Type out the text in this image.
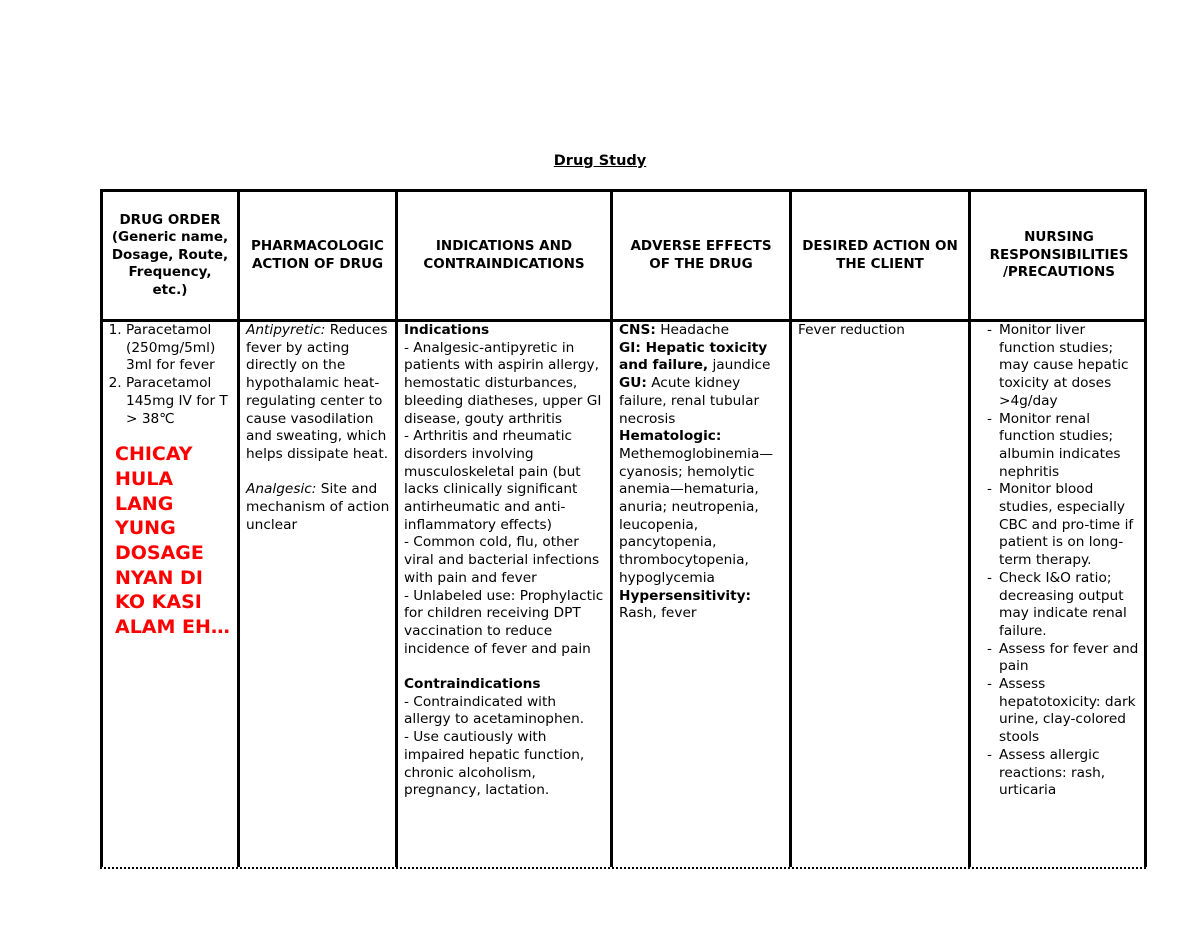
Drug Study
DRUG ORDER (Generic name, Dosage, Route, Frequency, etc.)
PHARMACOLOGIC ACTION OF DRUG
INDICATIONS AND CONTRAINDICATIONS
ADVERSE EFFECTS OF THE DRUG
DESIRED ACTION ON THE CLIENT
NURSING RESPONSIBILITIES /PRECAUTIONS
1. Paracetamol (250mg/5ml) 3ml for fever
2. Paracetamol 145mg IV for T > 38℃
CHICAY HULA LANG YUNG DOSAGE NYAN DI KO KASI ALAM EH…

Antipyretic: Reduces fever by acting directly on the hypothalamic heat-regulating center to cause vasodilation and sweating, which helps dissipate heat.

Analgesic: Site and mechanism of action unclear

Indications

- Analgesic-antipyretic in patients with aspirin allergy, hemostatic disturbances, bleeding diatheses, upper GI disease, gouty arthritis

- Arthritis and rheumatic disorders involving musculoskeletal pain (but lacks clinically significant antirheumatic and anti-inflammatory effects)

- Common cold, flu, other viral and bacterial infections with pain and fever

- Unlabeled use: Prophylactic for children receiving DPT vaccination to reduce incidence of fever and pain

Contraindications

- Contraindicated with allergy to acetaminophen.

- Use cautiously with impaired hepatic function, chronic alcoholism, pregnancy, lactation.

CNS: Headache

GI: Hepatic toxicity and failure, jaundice

GU: Acute kidney failure, renal tubular necrosis

Hematologic:

Methemoglobinemia—cyanosis; hemolytic anemia—hematuria, anuria; neutropenia, leucopenia, pancytopenia, thrombocytopenia, hypoglycemia

Hypersensitivity:

Rash, fever

Fever reduction

-	Monitor liver function studies; may cause hepatic toxicity at doses >4g/day
- Monitor renal function studies; albumin indicates nephritis
- Monitor blood studies, especially CBC and pro-time if patient is on long-term therapy.
- Check I&O ratio; decreasing output may indicate renal failure.
- Assess for fever and pain
- Assess hepatotoxicity: dark urine, clay-colored stools
- Assess allergic reactions: rash, urticaria
